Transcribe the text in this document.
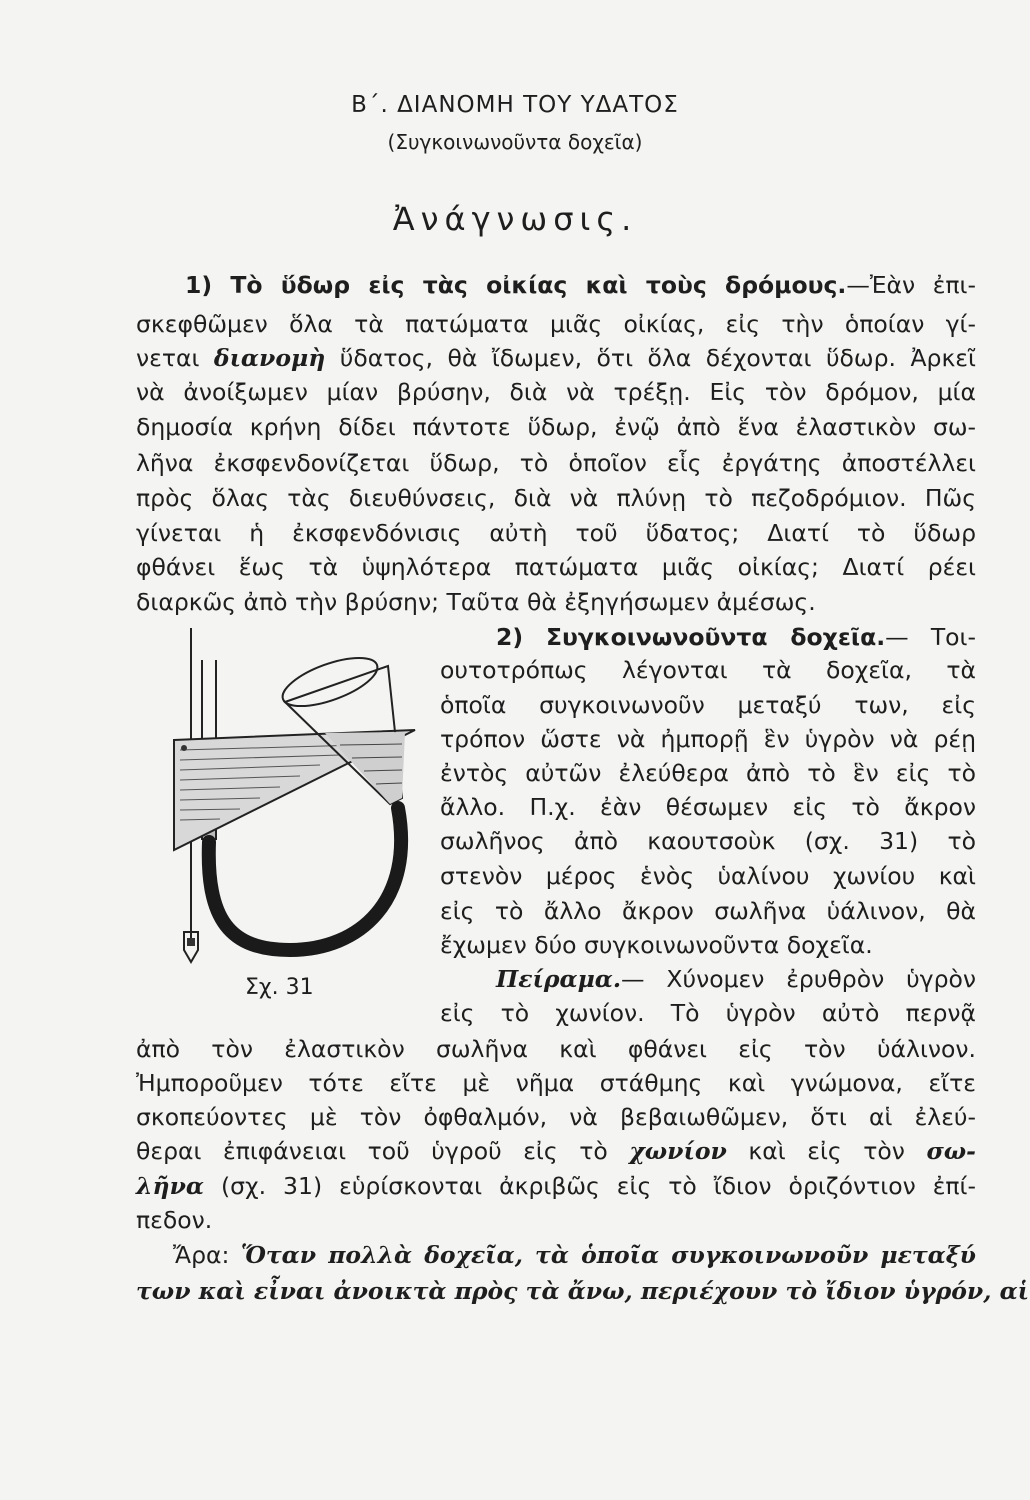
Β΄. ΔΙΑΝΟΜΗ ΤΟΥ ΥΔΑΤΟΣ
(Συγκοινωνοῦντα δοχεῖα)
Ἀνάγνωσις.
1) Τὸ ὕδωρ εἰς τὰς οἰκίας καὶ τοὺς δρόμους.—Ἐὰν ἐπι-
σκεφθῶμεν ὅλα τὰ πατώματα μιᾶς οἰκίας, εἰς τὴν ὁποίαν γί-
νεται διανομὴ ὕδατος, θὰ ἴδωμεν, ὅτι ὅλα δέχονται ὕδωρ. Ἀρκεῖ
νὰ ἀνοίξωμεν μίαν βρύσην, διὰ νὰ τρέξῃ. Εἰς τὸν δρόμον, μία
δημοσία κρήνη δίδει πάντοτε ὕδωρ, ἐνῷ ἀπὸ ἕνα ἐλαστικὸν σω-
λῆνα ἐκσφενδονίζεται ὕδωρ, τὸ ὁποῖον εἷς ἐργάτης ἀποστέλλει
πρὸς ὅλας τὰς διευθύνσεις, διὰ νὰ πλύνῃ τὸ πεζοδρόμιον. Πῶς
γίνεται ἡ ἐκσφενδόνισις αὐτὴ τοῦ ὕδατος; Διατί τὸ ὕδωρ
φθάνει ἕως τὰ ὑψηλότερα πατώματα μιᾶς οἰκίας; Διατί ρέει
διαρκῶς ἀπὸ τὴν βρύσην; Ταῦτα θὰ ἐξηγήσωμεν ἀμέσως.
2) Συγκοινωνοῦντα δοχεῖα.— Τοι-
ουτοτρόπως λέγονται τὰ δοχεῖα, τὰ
ὁποῖα συγκοινωνοῦν μεταξύ των, εἰς
τρόπον ὥστε νὰ ἠμπορῇ ἓν ὑγρὸν νὰ ρέῃ
ἐντὸς αὐτῶν ἐλεύθερα ἀπὸ τὸ ἓν εἰς τὸ
ἄλλο. Π.χ. ἐὰν θέσωμεν εἰς τὸ ἄκρον
σωλῆνος ἀπὸ καουτσοὺκ (σχ. 31) τὸ
στενὸν μέρος ἑνὸς ὑαλίνου χωνίου καὶ
εἰς τὸ ἄλλο ἄκρον σωλῆνα ὑάλινον, θὰ
ἔχωμεν δύο συγκοινωνοῦντα δοχεῖα.
Πείραμα.— Χύνομεν ἐρυθρὸν ὑγρὸν
εἰς τὸ χωνίον. Τὸ ὑγρὸν αὐτὸ περνᾷ
ἀπὸ τὸν ἐλαστικὸν σωλῆνα καὶ φθάνει εἰς τὸν ὑάλινον.
Ἠμποροῦμεν τότε εἴτε μὲ νῆμα στάθμης καὶ γνώμονα, εἴτε
σκοπεύοντες μὲ τὸν ὀφθαλμόν, νὰ βεβαιωθῶμεν, ὅτι αἱ ἐλεύ-
θεραι ἐπιφάνειαι τοῦ ὑγροῦ εἰς τὸ χωνίον καὶ εἰς τὸν σω-
λῆνα (σχ. 31) εὑρίσκονται ἀκριβῶς εἰς τὸ ἴδιον ὁριζόντιον ἐπί-
πεδον.
Ἄρα: Ὅταν πολλὰ δοχεῖα, τὰ ὁποῖα συγκοινωνοῦν μεταξύ
των καὶ εἶναι ἀνοικτὰ πρὸς τὰ ἄνω, περιέχουν τὸ ἴδιον ὑγρόν, αἱ
Σχ. 31
